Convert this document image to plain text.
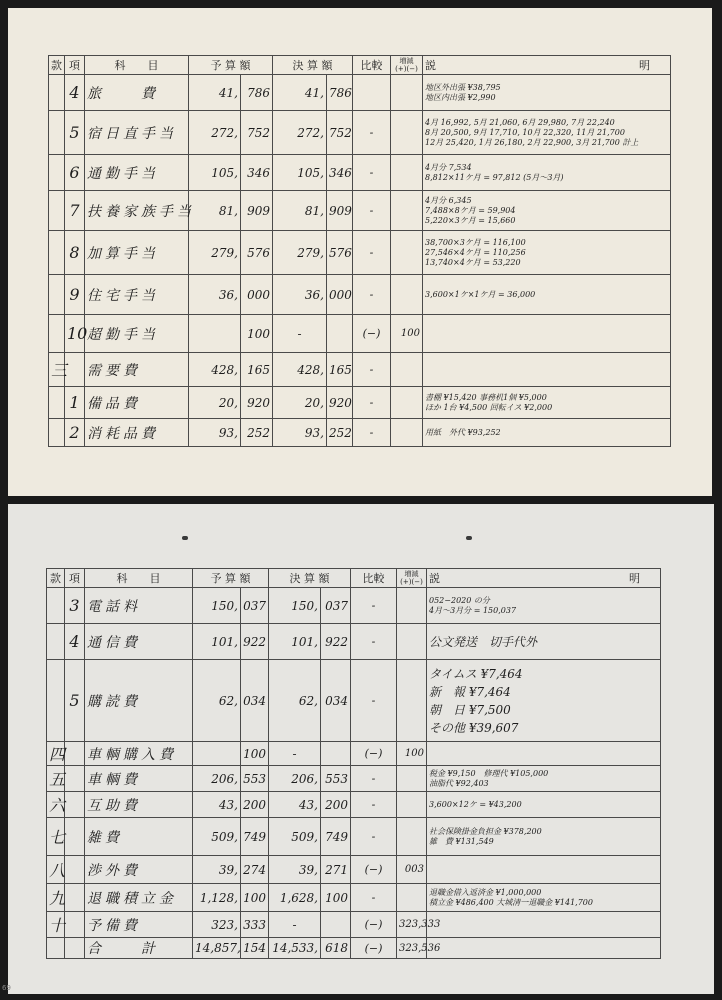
款	項	科　　目	予 算 額		決 算 額		比較	増減
(+)(−)	説 明

	4	旅　　費	41,	786	41,	786			地区外出張 ¥38,795
地区内出張 ¥2,990

	5	宿日直手当	272,	752	272,	752	-		4月 16,992, 5月 21,060, 6月 29,980, 7月 22,240
8月 20,500, 9月 17,710, 10月 22,320, 11月 21,700
12月 25,420, 1月 26,180, 2月 22,900, 3月 21,700 計上

	6	通勤手当	105,	346	105,	346	-		4月分 7,534
8,812×11ケ月 = 97,812 (5月〜3月)

	7	扶養家族手当	81,	909	81,	909	-		4月分 6,345
7,488×8ケ月 = 59,904
5,220×3ケ月 = 15,660

	8	加算手当	279,	576	279,	576	-		38,700×3ケ月 = 116,100
27,546×4ケ月 = 110,256
13,740×4ケ月 = 53,220

	9	住宅手当	36,	000	36,	000	-		3,600×1ケ×1ケ月 = 36,000

	10	超勤手当		100	-		(−)	100	
三		需要費	428,	165	428,	165	-		
	1	備品費	20,	920	20,	920	-		書棚 ¥15,420 事務机1個 ¥5,000
ほか 1台 ¥4,500 回転イス ¥2,000

	2	消耗品費	93,	252	93,	252	-		用紙　外代 ¥93,252
款	項	科　　目	予 算 額		決 算 額		比較	増減
(+)(−)	説 明

	3	電話料	150,	037	150,	037	-		052−2020 の分
4月〜3月分 = 150,037

	4	通信費	101,	922	101,	922	-		公文発送　切手代外

	5	購読費	62,	034	62,	034	-		タイムス ¥7,464
新　報 ¥7,464
朝　日 ¥7,500
その他 ¥39,607

四		車輌購入費		100	-		(−)	100	
五		車輌費	206,	553	206,	553	-		税金 ¥9,150　修理代 ¥105,000
油脂代 ¥92,403

六		互助費	43,	200	43,	200	-		3,600×12ケ = ¥43,200

七		雑費	509,	749	509,	749	-		社会保険掛金負担金 ¥378,200
雑　費 ¥131,549

八		渉外費	39,	274	39,	271	(−)	003	
九		退職積立金	1,128,	100	1,628,	100	-		退職金借入返済金 ¥1,000,000
積立金 ¥486,400 大城清一退職金 ¥141,700

十		予備費	323,	333	-		(−)	323,333	
		合　　計	14,857,	154	14,533,	618	(−)	323,536	
69
